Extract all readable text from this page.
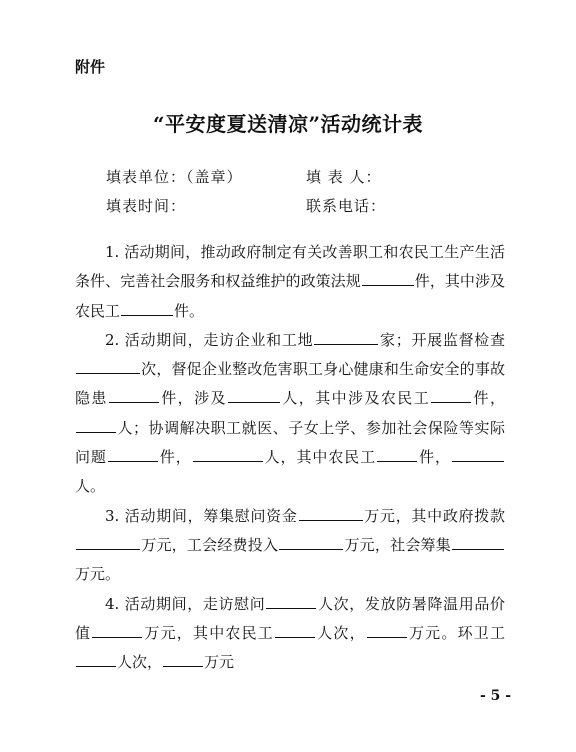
附件
“平安度夏送清凉”活动统计表
填表单位：（盖章）	填 表 人：
填表时间：	联系电话：

1. 活动期间，推动政府制定有关改善职工和农民工生产生活条件、完善社会服务和权益维护的政策法规	件，其中涉及农民工	件。

2. 活动期间，走访企业和工地	家；开展监督检查次，督促企业整改危害职工身心健康和生命安全的事故隐患	件，涉及	人，其中涉及农民工	件，人；协调解决职工就医、子女上学、参加社会保险等实际问题	件，	人，其中农民工	件，人。

3. 活动期间，筹集慰问资金	万元，其中政府拨款万元，工会经费投入	万元，社会筹集万元。

4. 活动期间，走访慰问	人次，发放防暑降温用品价值	万元，其中农民工	人次，	万元。环卫工人次，	万元

- 5 -
